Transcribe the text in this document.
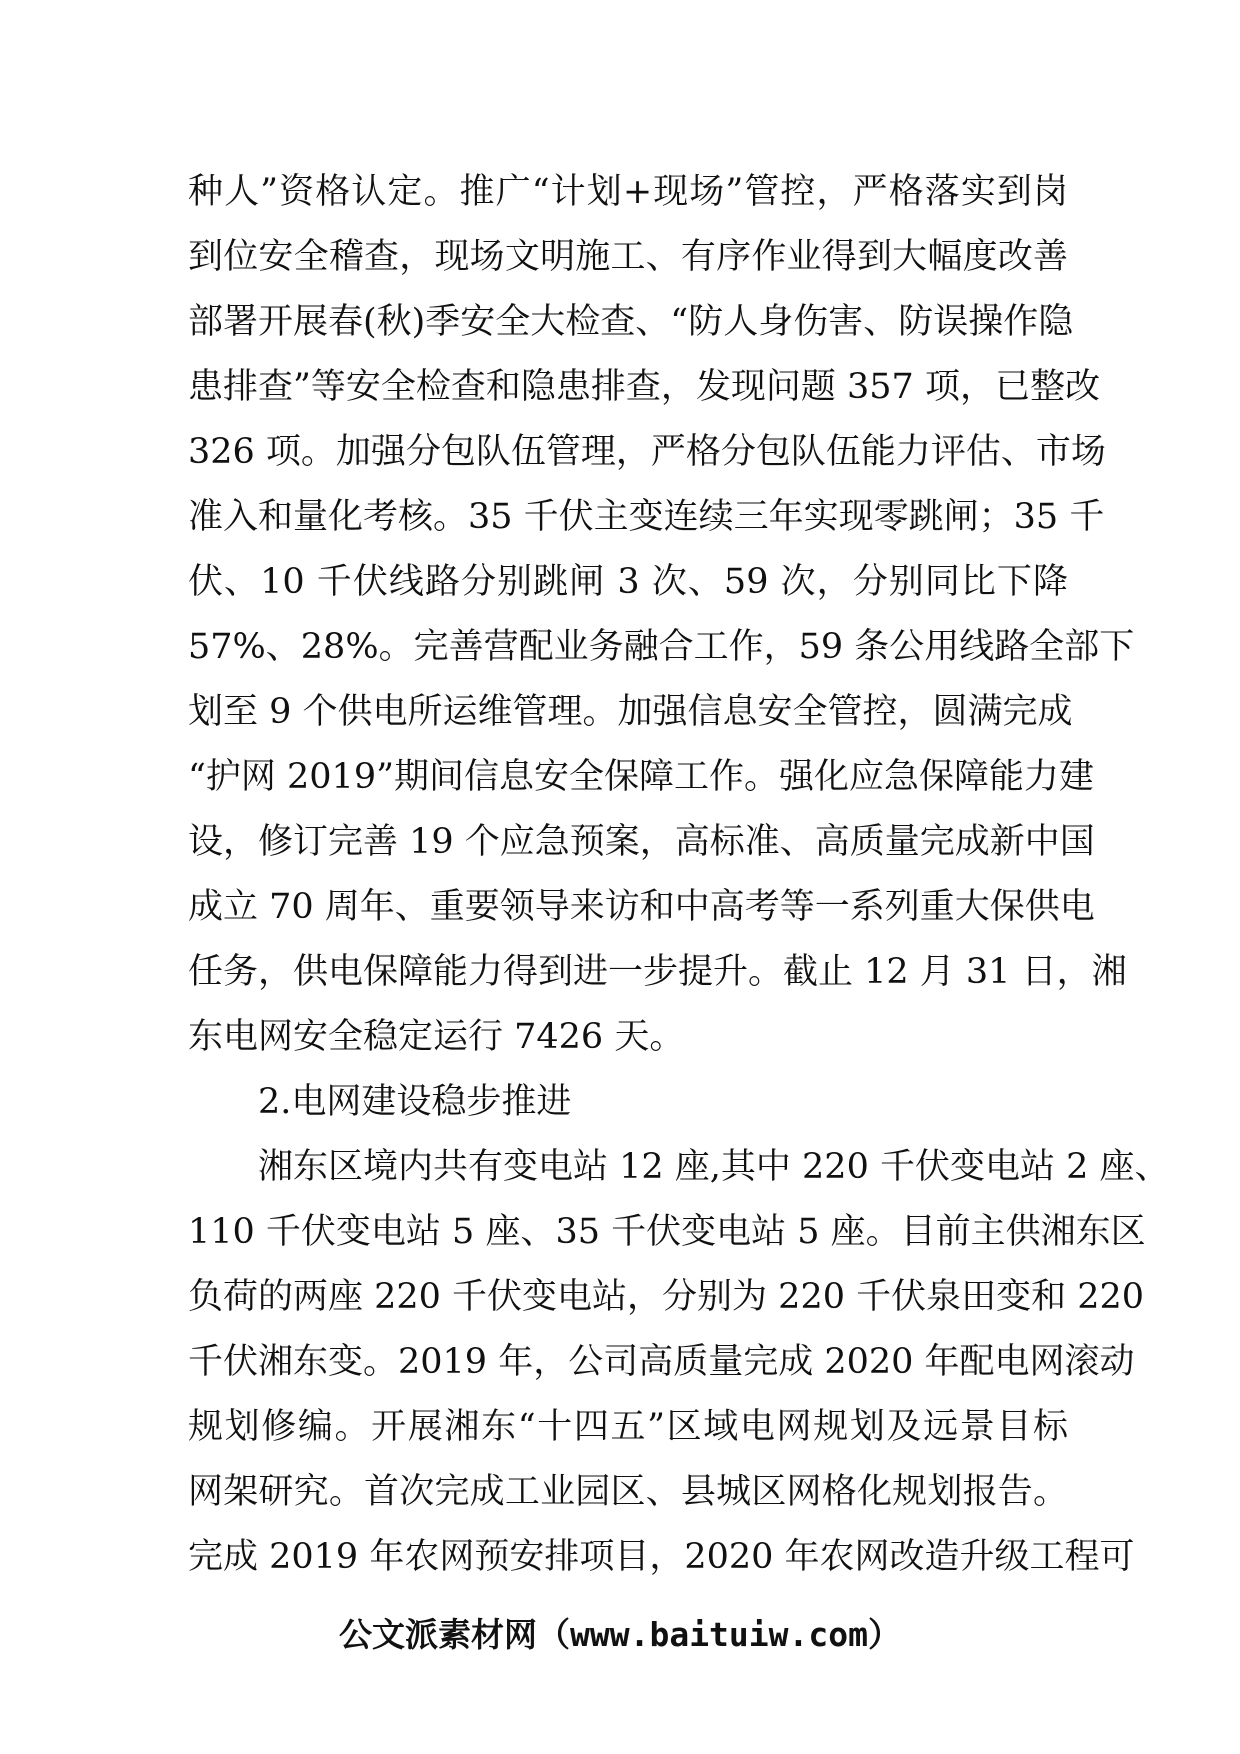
种人”资格认定。推广“计划+现场”管控，严格落实到岗
到位安全稽查，现场文明施工、有序作业得到大幅度改善
部署开展春(秋)季安全大检查、“防人身伤害、防误操作隐
患排查”等安全检查和隐患排查，发现问题 357 项，已整改
326 项。加强分包队伍管理，严格分包队伍能力评估、市场
准入和量化考核。35 千伏主变连续三年实现零跳闸；35 千
伏、10 千伏线路分别跳闸 3 次、59 次，分别同比下降
57%、28%。完善营配业务融合工作，59 条公用线路全部下
划至 9 个供电所运维管理。加强信息安全管控，圆满完成
“护网 2019”期间信息安全保障工作。强化应急保障能力建
设，修订完善 19 个应急预案，高标准、高质量完成新中国
成立 70 周年、重要领导来访和中高考等一系列重大保供电
任务，供电保障能力得到进一步提升。截止 12 月 31 日，湘
东电网安全稳定运行 7426 天。
2.电网建设稳步推进
湘东区境内共有变电站 12 座,其中 220 千伏变电站 2 座、
110 千伏变电站 5 座、35 千伏变电站 5 座。目前主供湘东区
负荷的两座 220 千伏变电站，分别为 220 千伏泉田变和 220
千伏湘东变。2019 年，公司高质量完成 2020 年配电网滚动
规划修编。开展湘东“十四五”区域电网规划及远景目标
网架研究。首次完成工业园区、县城区网格化规划报告。
完成 2019 年农网预安排项目，2020 年农网改造升级工程可
公文派素材网（www.baituiw.com）
